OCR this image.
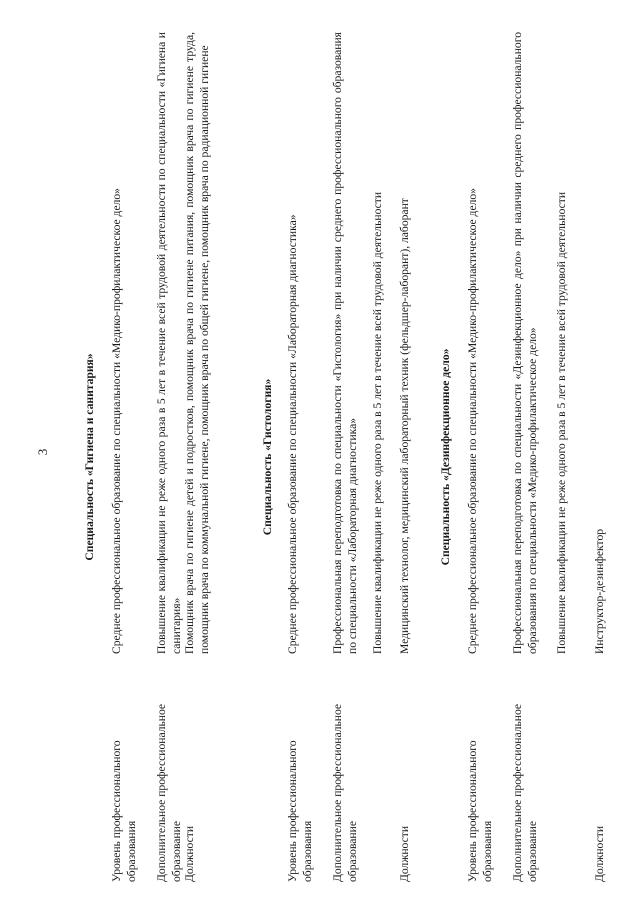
3	Специальность «Гигиена и санитария»
Уровень профессионального образования
Среднее профессиональное образование по специальности «Медико-профилактическое дело»
Дополнительное профессиональное образование
Повышение квалификации не реже одного раза в 5 лет в течение всей трудовой деятельности по специальности «Гигиена и санитария»
Должности
Помощник врача по гигиене детей и подростков, помощник врача по гигиене питания, помощник врача по гигиене труда, помощник врача по коммунальной гигиене, помощник врача по общей гигиене, помощник врача по радиационной гигиене	Специальность «Гистология»
Уровень профессионального образования
Среднее профессиональное образование по специальности «Лабораторная диагностика»
Дополнительное профессиональное образование
Профессиональная переподготовка по специальности «Гистология» при наличии среднего профессионального образования по специальности «Лабораторная диагностика» Повышение квалификации не реже одного раза в 5 лет в течение всей трудовой деятельности
Должности
Медицинский технолог, медицинский лабораторный техник (фельдшер-лаборант), лаборант Специальность «Дезинфекционное дело»
Уровень профессионального образования
Среднее профессиональное образование по специальности «Медико-профилактическое дело»
Дополнительное профессиональное образование
Профессиональная переподготовка по специальности «Дезинфекционное дело» при наличии среднего профессионального образования по специальности «Медико-профилактическое дело» Повышение квалификации не реже одного раза в 5 лет в течение всей трудовой деятельности
Должности
Инструктор-дезинфектор
